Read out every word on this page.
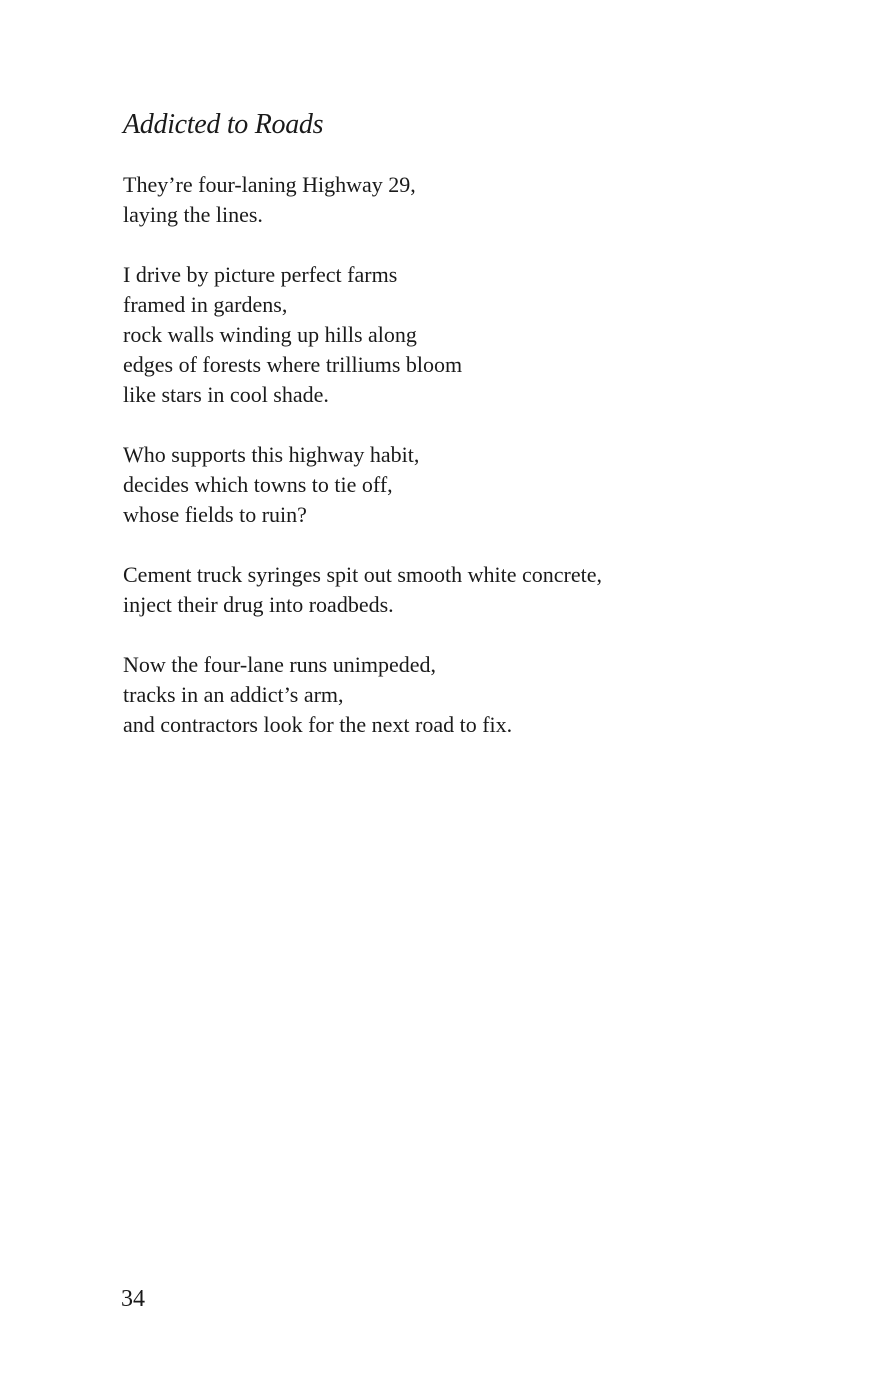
Addicted to Roads
They’re four-laning Highway 29,
laying the lines.
I drive by picture perfect farms
framed in gardens,
rock walls winding up hills along
edges of forests where trilliums bloom
like stars in cool shade.
Who supports this highway habit,
decides which towns to tie off,
whose fields to ruin?
Cement truck syringes spit out smooth white concrete,
inject their drug into roadbeds.
Now the four-lane runs unimpeded,
tracks in an addict’s arm,
and contractors look for the next road to fix.
34
